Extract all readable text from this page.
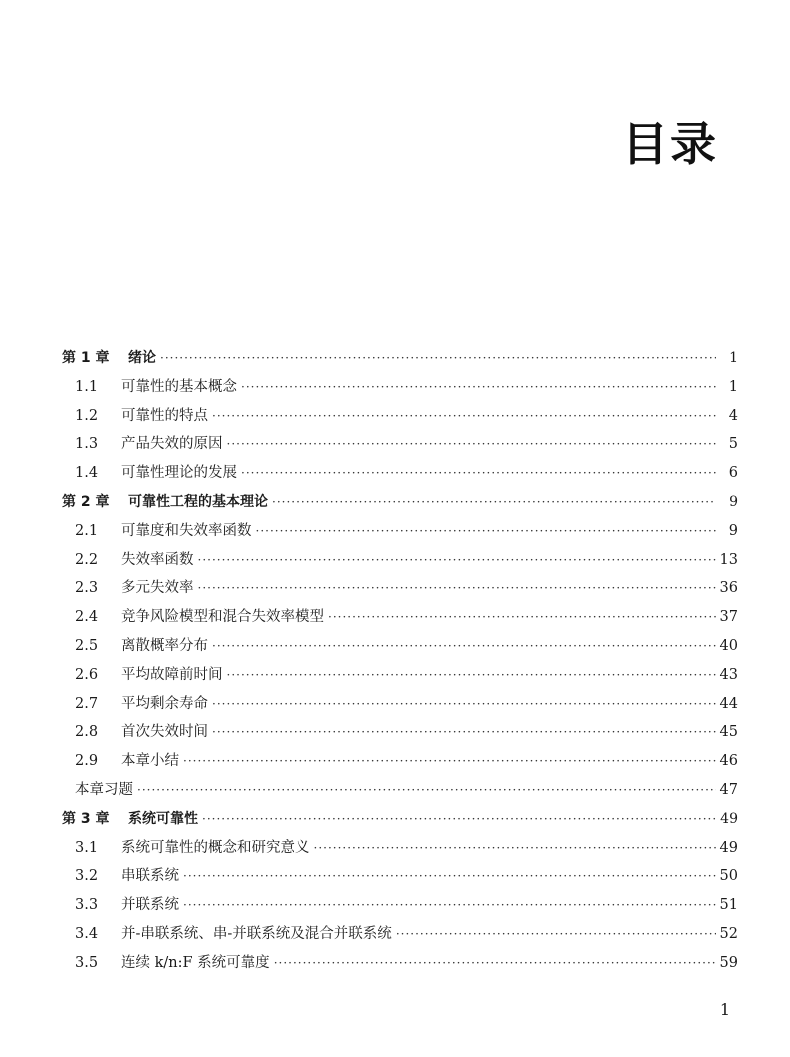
目录
第 1 章	绪论 ·····	1
1.1	可靠性的基本概念 ·····	1
1.2	可靠性的特点 ·····	4
1.3	产品失效的原因 ·····	5
1.4	可靠性理论的发展 ·····	6
第 2 章	可靠性工程的基本理论 ·····	9
2.1	可靠度和失效率函数 ·····	9
2.2	失效率函数 ·····	13
2.3	多元失效率 ·····	36
2.4	竞争风险模型和混合失效率模型 ·····	37
2.5	离散概率分布 ·····	40
2.6	平均故障前时间 ·····	43
2.7	平均剩余寿命 ·····	44
2.8	首次失效时间 ·····	45
2.9	本章小结 ·····	46
本章习题 ·····	47
第 3 章	系统可靠性 ·····	49
3.1	系统可靠性的概念和研究意义 ·····	49
3.2	串联系统 ·····	50
3.3	并联系统 ·····	51
3.4	并-串联系统、串-并联系统及混合并联系统 ·····	52
3.5	连续 k/n:F 系统可靠度 ·····	59
1
